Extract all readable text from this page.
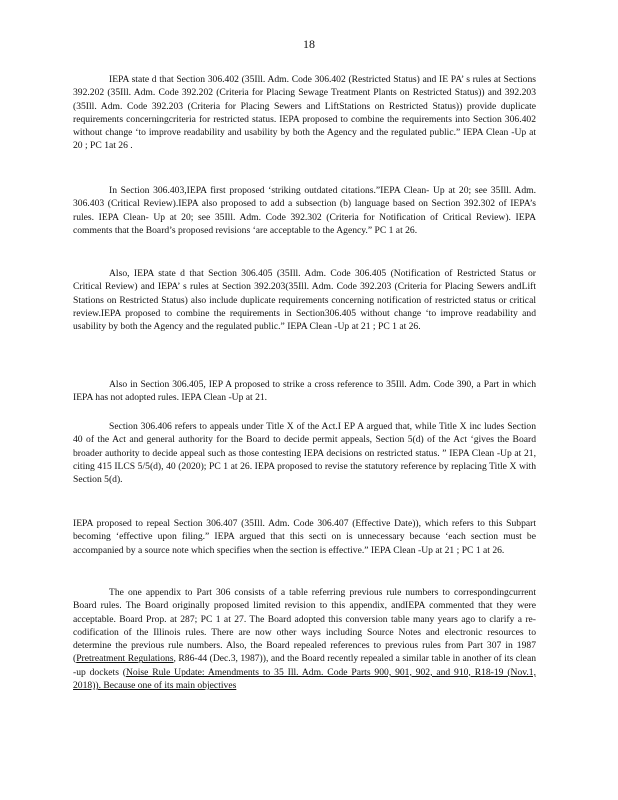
18

IEPA state d that Section 306.402 (35Ill. Adm. Code 306.402 (Restricted Status) and IE PA’ s rules at Sections 392.202 (35Ill. Adm. Code 392.202 (Criteria for Placing Sewage Treatment Plants on Restricted Status)) and 392.203 (35Ill. Adm. Code 392.203 (Criteria for Placing Sewers and LiftStations on Restricted Status)) provide duplicate requirements concerningcriteria for restricted status. IEPA proposed to combine the requirements into Section 306.402 without change ‘to improve readability and usability by both the Agency and the regulated public.” IEPA Clean -Up at 20 ; PC 1at 26 .

In Section 306.403,IEPA first proposed ‘striking outdated citations.”IEPA Clean- Up at 20; see 35Ill. Adm. 306.403 (Critical Review).IEPA also proposed to add a subsection (b) language based on Section 392.302 of IEPA’s rules. IEPA Clean- Up at 20; see 35Ill. Adm. Code 392.302 (Criteria for Notification of Critical Review). IEPA comments that the Board’s proposed revisions ‘are acceptable to the Agency.” PC 1 at 26.

Also, IEPA state d that Section 306.405 (35Ill. Adm. Code 306.405 (Notification of Restricted Status or Critical Review) and IEPA’ s rules at Section 392.203(35Ill. Adm. Code 392.203 (Criteria for Placing Sewers andLift Stations on Restricted Status) also include duplicate requirements concerning notification of restricted status or critical review.IEPA proposed to combine the requirements in Section306.405 without change ‘to improve readability and usability by both the Agency and the regulated public.” IEPA Clean -Up at 21 ; PC 1 at 26.

Also in Section 306.405, IEP A proposed to strike a cross reference to 35Ill. Adm. Code 390, a Part in which IEPA has not adopted rules. IEPA Clean -Up at 21.

Section 306.406 refers to appeals under Title X of the Act.I EP A argued that, while Title X inc ludes Section 40 of the Act and general authority for the Board to decide permit appeals, Section 5(d) of the Act ‘gives the Board broader authority to decide appeal such as those contesting IEPA decisions on restricted status. ” IEPA Clean -Up at 21, citing 415 ILCS 5/5(d), 40 (2020); PC 1 at 26. IEPA proposed to revise the statutory reference by replacing Title X with Section 5(d).

IEPA proposed to repeal Section 306.407 (35Ill. Adm. Code 306.407 (Effective Date)), which refers to this Subpart becoming ‘effective upon filing.” IEPA argued that this secti on is unnecessary because ‘each section must be accompanied by a source note which specifies when the section is effective.” IEPA Clean -Up at 21 ; PC 1 at 26.

The one appendix to Part 306 consists of a table referring previous rule numbers to correspondingcurrent Board rules. The Board originally proposed limited revision to this appendix, andIEPA commented that they were acceptable. Board Prop. at 287; PC 1 at 27. The Board adopted this conversion table many years ago to clarify a re-codification of the Illinois rules. There are now other ways including Source Notes and electronic resources to determine the previous rule numbers. Also, the Board repealed references to previous rules from Part 307 in 1987 (Pretreatment Regulations, R86-44 (Dec.3, 1987)), and the Board recently repealed a similar table in another of its clean -up dockets (Noise Rule Update: Amendments to 35 Ill. Adm. Code Parts 900, 901, 902, and 910, R18-19 (Nov.1, 2018)). Because one of its main objectives
